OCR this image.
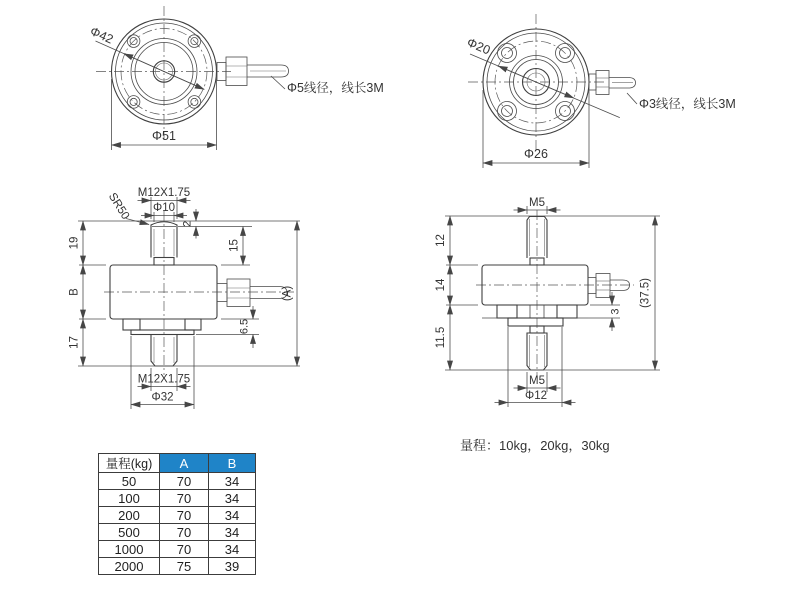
Φ42
Φ51
Φ5线径，线长3M
Φ20
Φ26
Φ3线径，线长3M
19
B
17
M12X1.75
Φ10
SR50
2
15
6.5
(A)
M12X1.75
Φ32
12
14
11.5
M5
3
(37.5)
M5
Φ12
量程(kg)	A	B
50	70	34
100	70	34
200	70	34
500	70	34
1000	70	34
2000	75	39
量程：10kg，20kg，30kg
